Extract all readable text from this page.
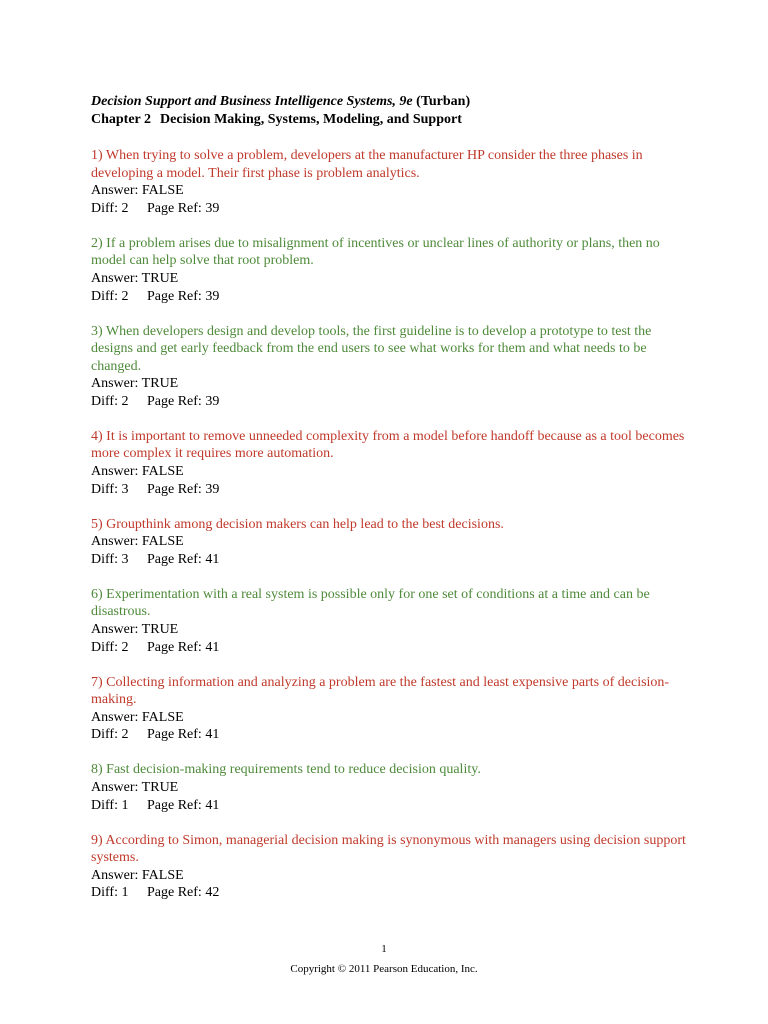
Decision Support and Business Intelligence Systems, 9e (Turban)
Chapter 2 Decision Making, Systems, Modeling, and Support
1) When trying to solve a problem, developers at the manufacturer HP consider the three phases in developing a model. Their first phase is problem analytics.
Answer: FALSE
Diff: 2 Page Ref: 39
2) If a problem arises due to misalignment of incentives or unclear lines of authority or plans, then no model can help solve that root problem.
Answer: TRUE
Diff: 2 Page Ref: 39
3) When developers design and develop tools, the first guideline is to develop a prototype to test the designs and get early feedback from the end users to see what works for them and what needs to be changed.
Answer: TRUE
Diff: 2 Page Ref: 39
4) It is important to remove unneeded complexity from a model before handoff because as a tool becomes more complex it requires more automation.
Answer: FALSE
Diff: 3 Page Ref: 39
5) Groupthink among decision makers can help lead to the best decisions.
Answer: FALSE
Diff: 3 Page Ref: 41
6) Experimentation with a real system is possible only for one set of conditions at a time and can be disastrous.
Answer: TRUE
Diff: 2 Page Ref: 41
7) Collecting information and analyzing a problem are the fastest and least expensive parts of decision-making.
Answer: FALSE
Diff: 2 Page Ref: 41
8) Fast decision-making requirements tend to reduce decision quality.
Answer: TRUE
Diff: 1 Page Ref: 41
9) According to Simon, managerial decision making is synonymous with managers using decision support systems.
Answer: FALSE
Diff: 1 Page Ref: 42
1
Copyright © 2011 Pearson Education, Inc.
